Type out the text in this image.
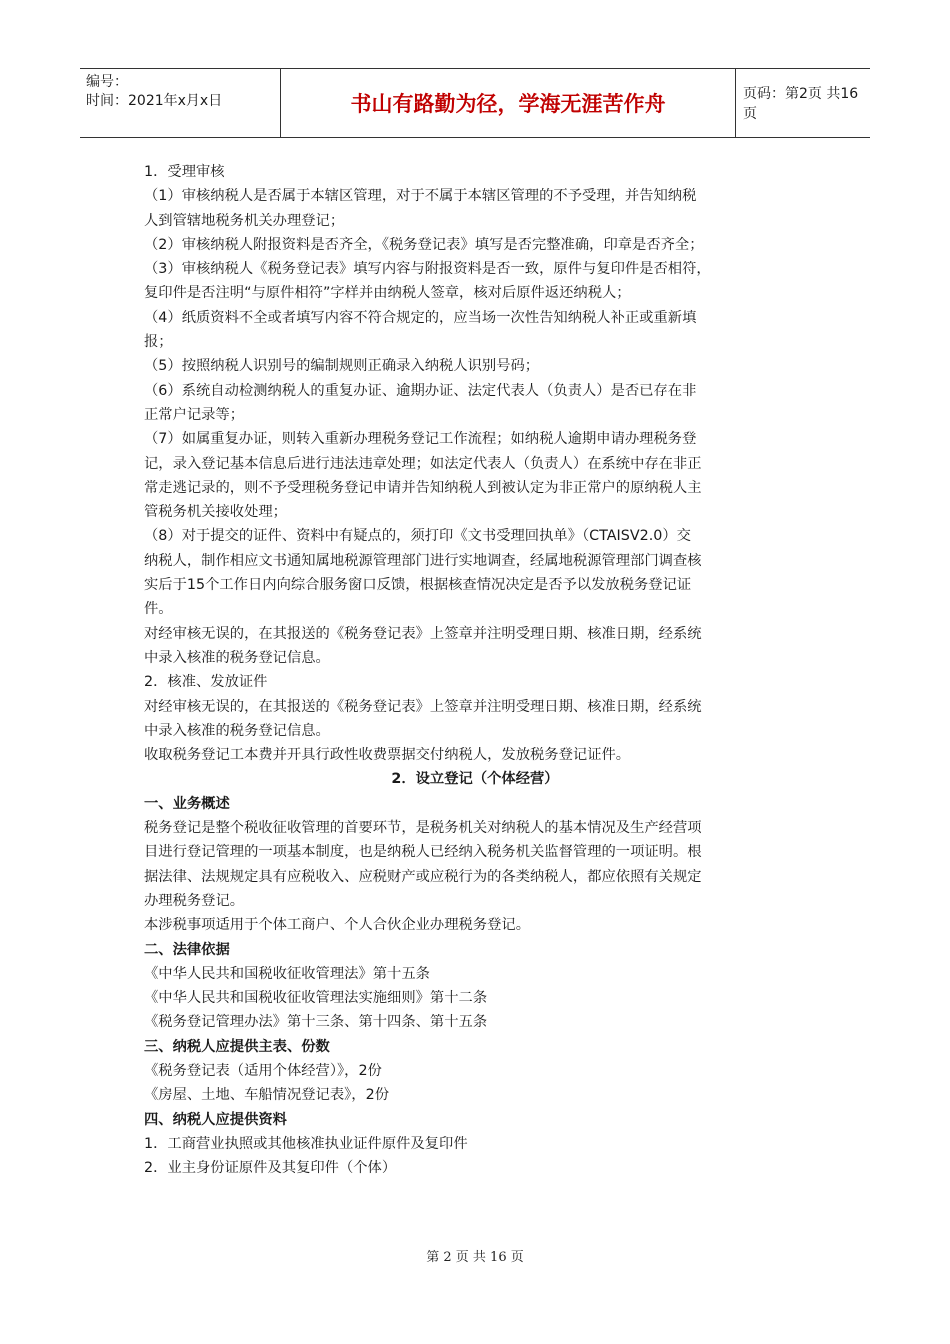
编号：
时间：2021年x月x日	书山有路勤为径，学海无涯苦作舟	页码：第2页 共16页

1．受理审核

（1）审核纳税人是否属于本辖区管理，对于不属于本辖区管理的不予受理，并告知纳税

人到管辖地税务机关办理登记；

（2）审核纳税人附报资料是否齐全，《税务登记表》填写是否完整准确，印章是否齐全；

（3）审核纳税人《税务登记表》填写内容与附报资料是否一致，原件与复印件是否相符，

复印件是否注明“与原件相符”字样并由纳税人签章，核对后原件返还纳税人；

（4）纸质资料不全或者填写内容不符合规定的，应当场一次性告知纳税人补正或重新填

报；

（5）按照纳税人识别号的编制规则正确录入纳税人识别号码；

（6）系统自动检测纳税人的重复办证、逾期办证、法定代表人（负责人）是否已存在非

正常户记录等；

（7）如属重复办证，则转入重新办理税务登记工作流程；如纳税人逾期申请办理税务登

记，录入登记基本信息后进行违法违章处理；如法定代表人（负责人）在系统中存在非正

常走逃记录的，则不予受理税务登记申请并告知纳税人到被认定为非正常户的原纳税人主

管税务机关接收处理；

（8）对于提交的证件、资料中有疑点的，须打印《文书受理回执单》（CTAISV2.0）交

纳税人，制作相应文书通知属地税源管理部门进行实地调查，经属地税源管理部门调查核

实后于15个工作日内向综合服务窗口反馈，根据核查情况决定是否予以发放税务登记证

件。

对经审核无误的，在其报送的《税务登记表》上签章并注明受理日期、核准日期，经系统

中录入核准的税务登记信息。

2．核准、发放证件

对经审核无误的，在其报送的《税务登记表》上签章并注明受理日期、核准日期，经系统

中录入核准的税务登记信息。

收取税务登记工本费并开具行政性收费票据交付纳税人，发放税务登记证件。

2．设立登记（个体经营）

一、业务概述

税务登记是整个税收征收管理的首要环节，是税务机关对纳税人的基本情况及生产经营项

目进行登记管理的一项基本制度，也是纳税人已经纳入税务机关监督管理的一项证明。根

据法律、法规规定具有应税收入、应税财产或应税行为的各类纳税人，都应依照有关规定

办理税务登记。

本涉税事项适用于个体工商户、个人合伙企业办理税务登记。

二、法律依据

《中华人民共和国税收征收管理法》第十五条

《中华人民共和国税收征收管理法实施细则》第十二条

《税务登记管理办法》第十三条、第十四条、第十五条

三、纳税人应提供主表、份数

《税务登记表（适用个体经营）》，2份

《房屋、土地、车船情况登记表》，2份

四、纳税人应提供资料

1．工商营业执照或其他核准执业证件原件及复印件

2．业主身份证原件及其复印件（个体）

第 2 页 共 16 页
